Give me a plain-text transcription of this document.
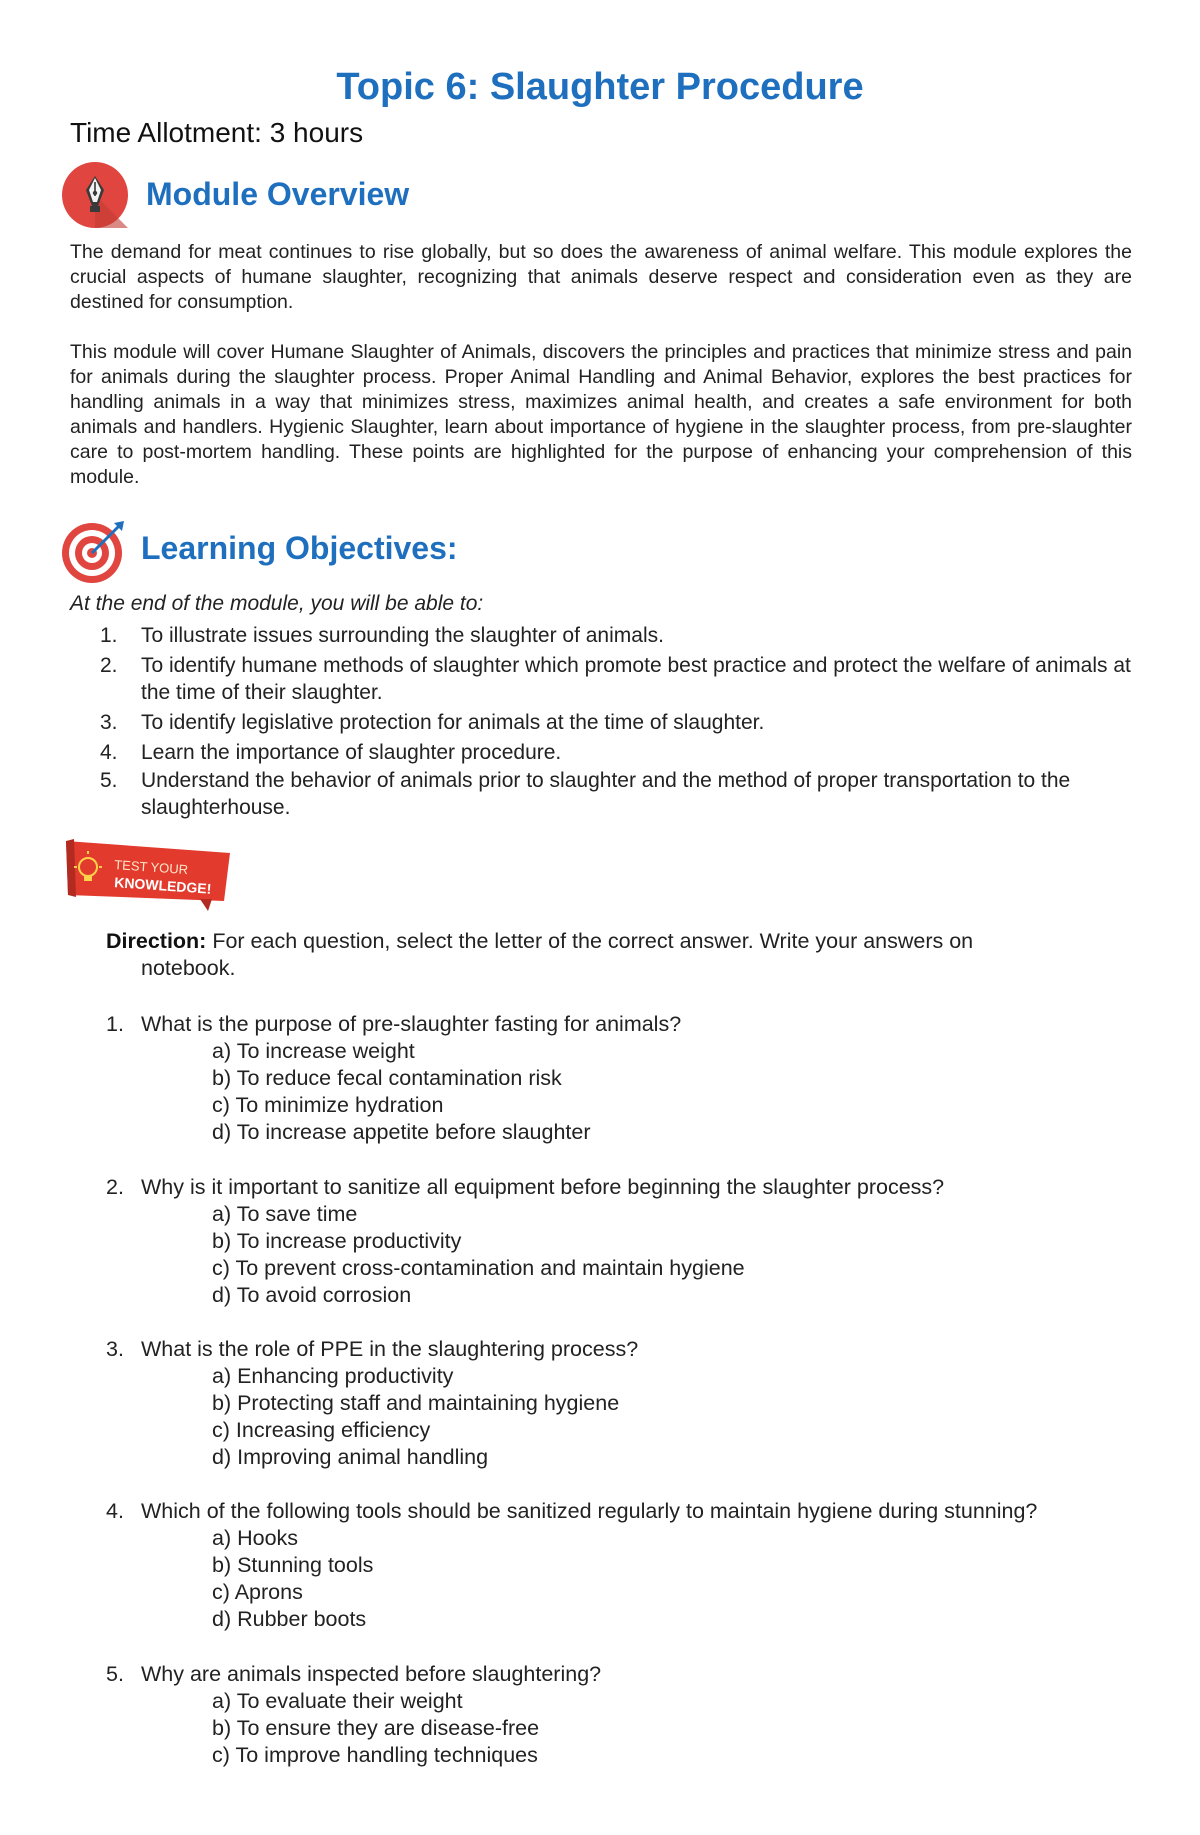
Topic 6: Slaughter Procedure
Time Allotment: 3 hours
Module Overview

The demand for meat continues to rise globally, but so does the awareness of animal welfare. This module explores the crucial aspects of humane slaughter, recognizing that animals deserve respect and consideration even as they are destined for consumption.

This module will cover Humane Slaughter of Animals, discovers the principles and practices that minimize stress and pain for animals during the slaughter process. Proper Animal Handling and Animal Behavior, explores the best practices for handling animals in a way that minimizes stress, maximizes animal health, and creates a safe environment for both animals and handlers. Hygienic Slaughter, learn about importance of hygiene in the slaughter process, from pre-slaughter care to post-mortem handling. These points are highlighted for the purpose of enhancing your comprehension of this module.

Learning Objectives:
At the end of the module, you will be able to:
1. To illustrate issues surrounding the slaughter of animals.
2. To identify humane methods of slaughter which promote best practice and protect the welfare of animals at the time of their slaughter.
3. To identify legislative protection for animals at the time of slaughter.
4. Learn the importance of slaughter procedure.
5. Understand the behavior of animals prior to slaughter and the method of proper transportation to the slaughterhouse.
TEST YOUR
KNOWLEDGE!
Direction: For each question, select the letter of the correct answer. Write your answers on
notebook.
1. What is the purpose of pre-slaughter fasting for animals?
a) To increase weight
b) To reduce fecal contamination risk
c) To minimize hydration
d) To increase appetite before slaughter
2. Why is it important to sanitize all equipment before beginning the slaughter process?
a) To save time
b) To increase productivity
c) To prevent cross-contamination and maintain hygiene
d) To avoid corrosion
3. What is the role of PPE in the slaughtering process?
a) Enhancing productivity
b) Protecting staff and maintaining hygiene
c) Increasing efficiency
d) Improving animal handling
4. Which of the following tools should be sanitized regularly to maintain hygiene during stunning?
a) Hooks
b) Stunning tools
c) Aprons
d) Rubber boots
5. Why are animals inspected before slaughtering?
a) To evaluate their weight
b) To ensure they are disease-free
c) To improve handling techniques
